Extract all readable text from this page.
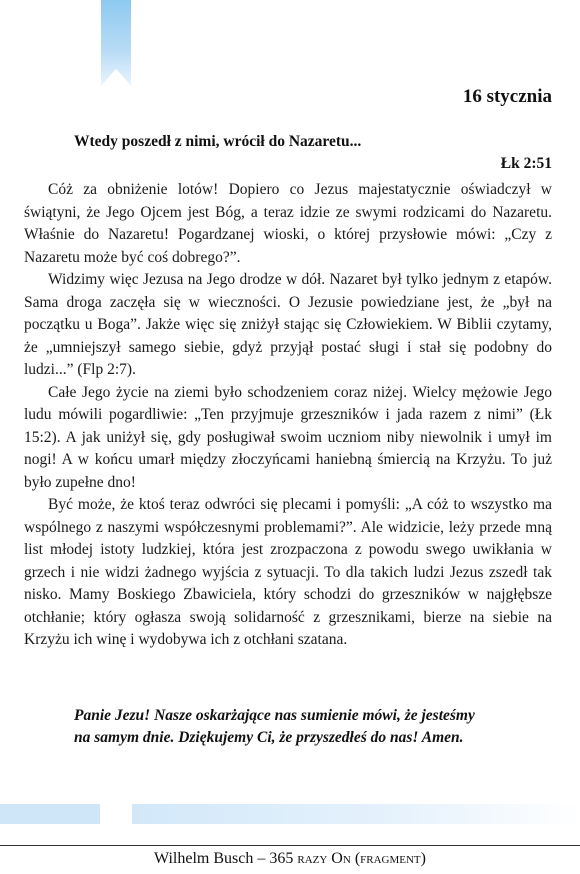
16 stycznia
Wtedy poszedł z nimi, wrócił do Nazaretu...
Łk 2:51

Cóż za obniżenie lotów! Dopiero co Jezus majestatycznie oświadczył w świątyni, że Jego Ojcem jest Bóg, a teraz idzie ze swymi rodzicami do Nazaretu. Właśnie do Nazaretu! Pogardzanej wioski, o której przysłowie mówi: „Czy z Nazaretu może być coś dobrego?”.

Widzimy więc Jezusa na Jego drodze w dół. Nazaret był tylko jednym z etapów. Sama droga zaczęła się w wieczności. O Jezusie powiedziane jest, że „był na początku u Boga”. Jakże więc się zniżył stając się Człowiekiem. W Biblii czytamy, że „umniejszył samego siebie, gdyż przyjął postać sługi i stał się podobny do ludzi...” (Flp 2:7).

Całe Jego życie na ziemi było schodzeniem coraz niżej. Wielcy mężowie Jego ludu mówili pogardliwie: „Ten przyjmuje grzeszników i jada razem z nimi” (Łk 15:2). A jak uniżył się, gdy posługiwał swoim uczniom niby niewolnik i umył im nogi! A w końcu umarł między złoczyńcami haniebną śmiercią na Krzyżu. To już było zupełne dno!

Być może, że ktoś teraz odwróci się plecami i pomyśli: „A cóż to wszystko ma wspólnego z naszymi współczesnymi problemami?”. Ale widzicie, leży przede mną list młodej istoty ludzkiej, która jest zrozpaczona z powodu swego uwikłania w grzech i nie widzi żadnego wyjścia z sytuacji. To dla takich ludzi Jezus zszedł tak nisko. Mamy Boskiego Zbawiciela, który schodzi do grzeszników w najgłębsze otchłanie; który ogłasza swoją solidarność z grzesznikami, bierze na siebie na Krzyżu ich winę i wydobywa ich z otchłani szatana.

Panie Jezu! Nasze oskarżające nas sumienie mówi, że jesteśmy
na samym dnie. Dziękujemy Ci, że przyszedłeś do nas! Amen.
Wilhelm Busch – 365 razy On (fragment)
